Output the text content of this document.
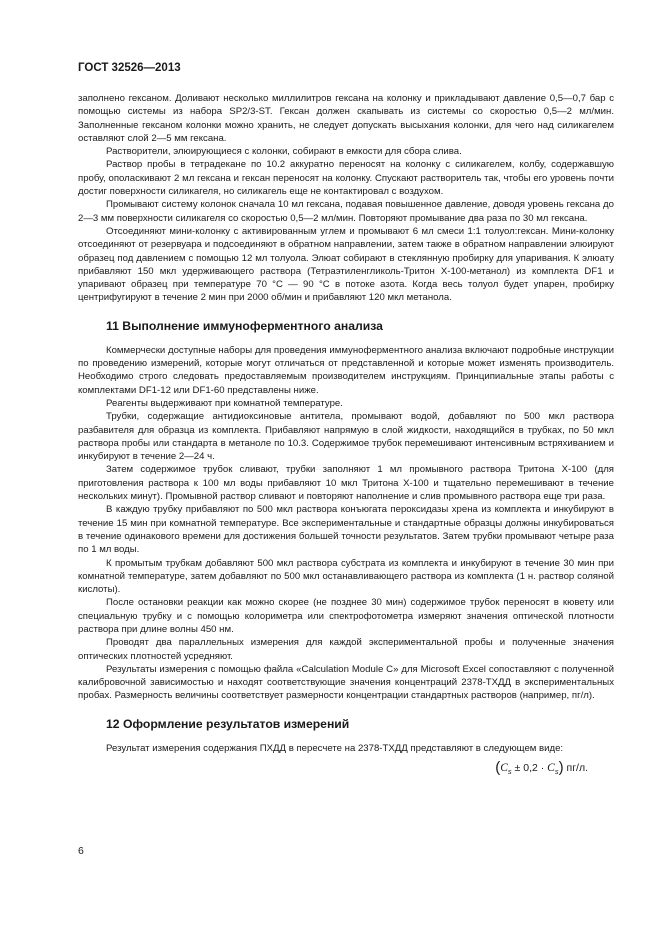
ГОСТ 32526—2013

заполнено гексаном. Доливают несколько миллилитров гексана на колонку и прикладывают давление 0,5—0,7 бар с помощью системы из набора SP2/3-ST. Гексан должен скапывать из системы со скоростью 0,5—2 мл/мин. Заполненные гексаном колонки можно хранить, не следует допускать высыхания колонки, для чего над силикагелем оставляют слой 2—5 мм гексана.

Растворители, элюирующиеся с колонки, собирают в емкости для сбора слива.

Раствор пробы в тетрадекане по 10.2 аккуратно переносят на колонку с силикагелем, колбу, содержавшую пробу, ополаскивают 2 мл гексана и гексан переносят на колонку. Спускают растворитель так, чтобы его уровень почти достиг поверхности силикагеля, но силикагель еще не контактировал с воздухом.

Промывают систему колонок сначала 10 мл гексана, подавая повышенное давление, доводя уровень гексана до 2—3 мм поверхности силикагеля со скоростью 0,5—2 мл/мин. Повторяют промывание два раза по 30 мл гексана.

Отсоединяют мини-колонку с активированным углем и промывают 6 мл смеси 1:1 толуол:гексан. Мини-колонку отсоединяют от резервуара и подсоединяют в обратном направлении, затем также в обратном направлении элюируют образец под давлением с помощью 12 мл толуола. Элюат собирают в стеклянную пробирку для упаривания. К элюату прибавляют 150 мкл удерживающего раствора (Тетраэтиленгликоль-Тритон Х-100-метанол) из комплекта DF1 и упаривают образец при температуре 70 °С — 90 °С в потоке азота. Когда весь толуол будет упарен, пробирку центрифугируют в течение 2 мин при 2000 об/мин и прибавляют 120 мкл метанола.

11 Выполнение иммуноферментного анализа

Коммерчески доступные наборы для проведения иммуноферментного анализа включают подробные инструкции по проведению измерений, которые могут отличаться от представленной и которые может изменять производитель. Необходимо строго следовать предоставляемым производителем инструкциям. Принципиальные этапы работы с комплектами DF1-12 или DF1-60 представлены ниже.

Реагенты выдерживают при комнатной температуре.

Трубки, содержащие антидиоксиновые антитела, промывают водой, добавляют по 500 мкл раствора разбавителя для образца из комплекта. Прибавляют напрямую в слой жидкости, находящийся в трубках, по 50 мкл раствора пробы или стандарта в метаноле по 10.3. Содержимое трубок перемешивают интенсивным встряхиванием и инкубируют в течение 2—24 ч.

Затем содержимое трубок сливают, трубки заполняют 1 мл промывного раствора Тритона Х-100 (для приготовления раствора к 100 мл воды прибавляют 10 мкл Тритона Х-100 и тщательно перемешивают в течение нескольких минут). Промывной раствор сливают и повторяют наполнение и слив промывного раствора еще три раза.

В каждую трубку прибавляют по 500 мкл раствора конъюгата пероксидазы хрена из комплекта и инкубируют в течение 15 мин при комнатной температуре. Все экспериментальные и стандартные образцы должны инкубироваться в течение одинакового времени для достижения большей точности результатов. Затем трубки промывают четыре раза по 1 мл воды.

К промытым трубкам добавляют 500 мкл раствора субстрата из комплекта и инкубируют в течение 30 мин при комнатной температуре, затем добавляют по 500 мкл останавливающего раствора из комплекта (1 н. раствор соляной кислоты).

После остановки реакции как можно скорее (не позднее 30 мин) содержимое трубок переносят в кювету или специальную трубку и с помощью колориметра или спектрофотометра измеряют значения оптической плотности раствора при длине волны 450 нм.

Проводят два параллельных измерения для каждой экспериментальной пробы и полученные значения оптических плотностей усредняют.

Результаты измерения с помощью файла «Calculation Module C» для Microsoft Excel сопоставляют с полученной калибровочной зависимостью и находят соответствующие значения концентраций 2378-ТХДД в экспериментальных пробах. Размерность величины соответствует размерности концентрации стандартных растворов (например, пг/л).

12 Оформление результатов измерений

Результат измерения содержания ПХДД в пересчете на 2378-ТХДД представляют в следующем виде:

$(C_s \pm 0,2 \cdot C_s)$ пг/л.
6
